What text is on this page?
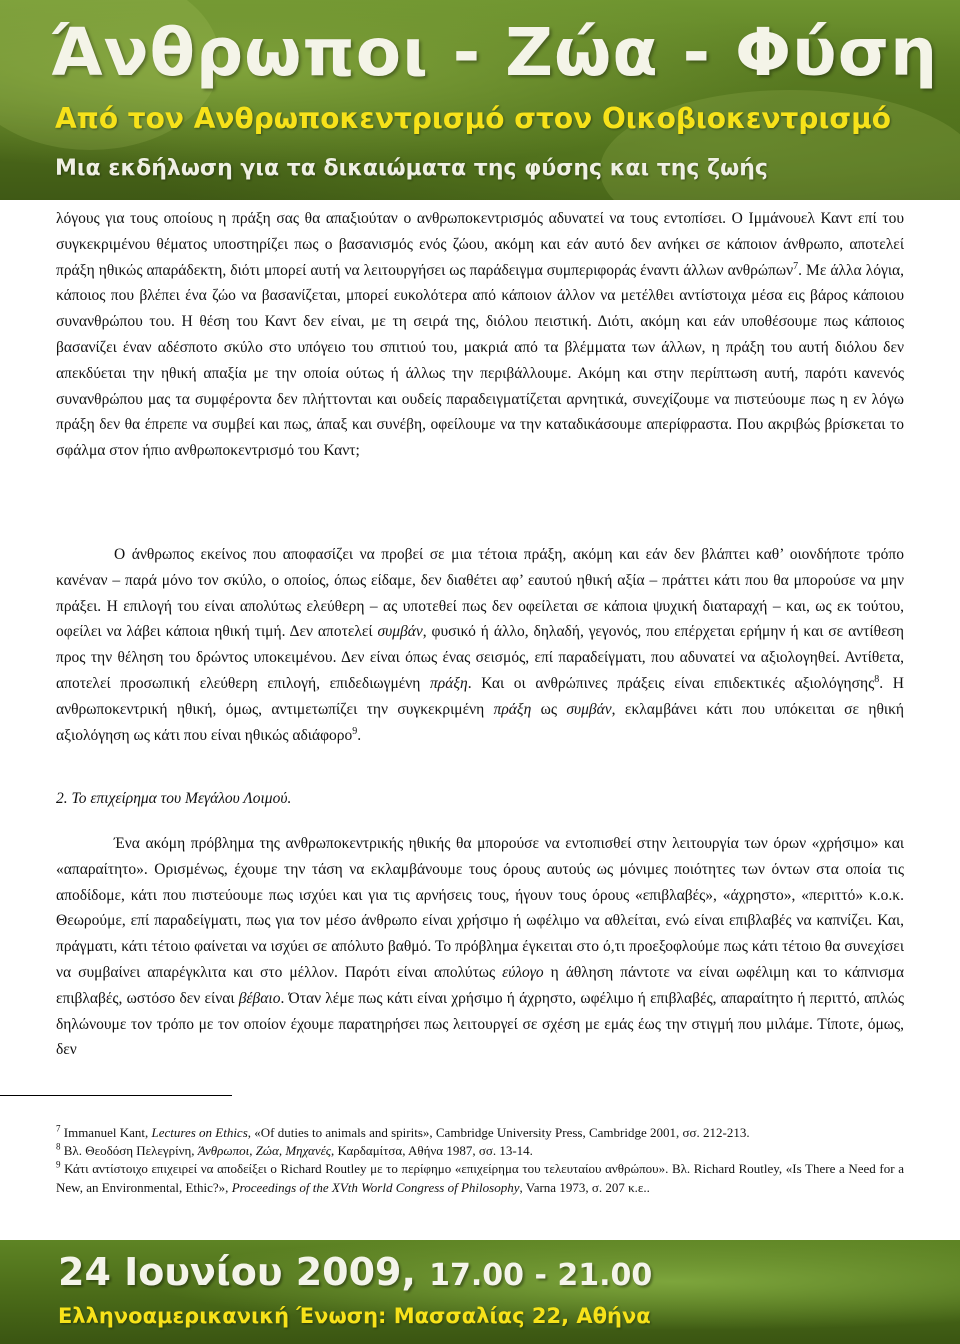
Άνθρωποι - Ζώα - Φύση
Από τον Ανθρωποκεντρισμό στον Οικοβιοκεντρισμό
Μια εκδήλωση για τα δικαιώματα της φύσης και της ζωής

λόγους για τους οποίους η πράξη σας θα απαξιούταν ο ανθρωποκεντρισμός αδυνατεί να τους εντοπίσει. Ο Ιμμάνουελ Καντ επί του συγκεκριμένου θέματος υποστηρίζει πως ο βασανισμός ενός ζώου, ακόμη και εάν αυτό δεν ανήκει σε κάποιον άνθρωπο, αποτελεί πράξη ηθικώς απαράδεκτη, διότι μπορεί αυτή να λειτουργήσει ως παράδειγμα συμπεριφοράς έναντι άλλων ανθρώπων$^7$. Με άλλα λόγια, κάποιος που βλέπει ένα ζώο να βασανίζεται, μπορεί ευκολότερα από κάποιον άλλον να μετέλθει αντίστοιχα μέσα εις βάρος κάποιου συνανθρώπου του. Η θέση του Καντ δεν είναι, με τη σειρά της, διόλου πειστική. Διότι, ακόμη και εάν υποθέσουμε πως κάποιος βασανίζει έναν αδέσποτο σκύλο στο υπόγειο του σπιτιού του, μακριά από τα βλέμματα των άλλων, η πράξη του αυτή διόλου δεν απεκδύεται την ηθική απαξία με την οποία ούτως ή άλλως την περιβάλλουμε. Ακόμη και στην περίπτωση αυτή, παρότι κανενός συνανθρώπου μας τα συμφέροντα δεν πλήττονται και ουδείς παραδειγματίζεται αρνητικά, συνεχίζουμε να πιστεύουμε πως η εν λόγω πράξη δεν θα έπρεπε να συμβεί και πως, άπαξ και συνέβη, οφείλουμε να την καταδικάσουμε απερίφραστα. Που ακριβώς βρίσκεται το σφάλμα στον ήπιο ανθρωποκεντρισμό του Καντ;

Ο άνθρωπος εκείνος που αποφασίζει να προβεί σε μια τέτοια πράξη, ακόμη και εάν δεν βλάπτει καθ’ οιονδήποτε τρόπο κανέναν – παρά μόνο τον σκύλο, ο οποίος, όπως είδαμε, δεν διαθέτει αφ’ εαυτού ηθική αξία – πράττει κάτι που θα μπορούσε να μην πράξει. Η επιλογή του είναι απολύτως ελεύθερη – ας υποτεθεί πως δεν οφείλεται σε κάποια ψυχική διαταραχή – και, ως εκ τούτου, οφείλει να λάβει κάποια ηθική τιμή. Δεν αποτελεί συμβάν, φυσικό ή άλλο, δηλαδή, γεγονός, που επέρχεται ερήμην ή και σε αντίθεση προς την θέληση του δρώντος υποκειμένου. Δεν είναι όπως ένας σεισμός, επί παραδείγματι, που αδυνατεί να αξιολογηθεί. Αντίθετα, αποτελεί προσωπική ελεύθερη επιλογή, επιδεδιωγμένη πράξη. Και οι ανθρώπινες πράξεις είναι επιδεκτικές αξιολόγησης$^8$. Η ανθρωποκεντρική ηθική, όμως, αντιμετωπίζει την συγκεκριμένη πράξη ως συμβάν, εκλαμβάνει κάτι που υπόκειται σε ηθική αξιολόγηση ως κάτι που είναι ηθικώς αδιάφορο$^9$.

2. Το επιχείρημα του Μεγάλου Λοιμού.

Ένα ακόμη πρόβλημα της ανθρωποκεντρικής ηθικής θα μπορούσε να εντοπισθεί στην λειτουργία των όρων «χρήσιμο» και «απαραίτητο». Ορισμένως, έχουμε την τάση να εκλαμβάνουμε τους όρους αυτούς ως μόνιμες ποιότητες των όντων στα οποία τις αποδίδομε, κάτι που πιστεύουμε πως ισχύει και για τις αρνήσεις τους, ήγουν τους όρους «επιβλαβές», «άχρηστο», «περιττό» κ.ο.κ. Θεωρούμε, επί παραδείγματι, πως για τον μέσο άνθρωπο είναι χρήσιμο ή ωφέλιμο να αθλείται, ενώ είναι επιβλαβές να καπνίζει. Και, πράγματι, κάτι τέτοιο φαίνεται να ισχύει σε απόλυτο βαθμό. Το πρόβλημα έγκειται στο ό,τι προεξοφλούμε πως κάτι τέτοιο θα συνεχίσει να συμβαίνει απαρέγκλιτα και στο μέλλον. Παρότι είναι απολύτως εύλογο η άθληση πάντοτε να είναι ωφέλιμη και το κάπνισμα επιβλαβές, ωστόσο δεν είναι βέβαιο. Όταν λέμε πως κάτι είναι χρήσιμο ή άχρηστο, ωφέλιμο ή επιβλαβές, απαραίτητο ή περιττό, απλώς δηλώνουμε τον τρόπο με τον οποίον έχουμε παρατηρήσει πως λειτουργεί σε σχέση με εμάς έως την στιγμή που μιλάμε. Τίποτε, όμως, δεν

$^7$ Immanuel Kant, Lectures on Ethics, «Of duties to animals and spirits», Cambridge University Press, Cambridge 2001, σσ. 212-213.

$^8$ Βλ. Θεοδόση Πελεγρίνη, Άνθρωποι, Ζώα, Μηχανές, Καρδαμίτσα, Αθήνα 1987, σσ. 13-14.

$^9$ Κάτι αντίστοιχο επιχειρεί να αποδείξει ο Richard Routley με το περίφημο «επιχείρημα του τελευταίου ανθρώπου». Βλ. Richard Routley, «Is There a Need for a New, an Environmental, Ethic?», Proceedings of the XVth World Congress of Philosophy, Varna 1973, σ. 207 κ.ε..

24 Ιουνίου 2009, 17.00 - 21.00
Ελληνοαμερικανική Ένωση: Μασσαλίας 22, Αθήνα
